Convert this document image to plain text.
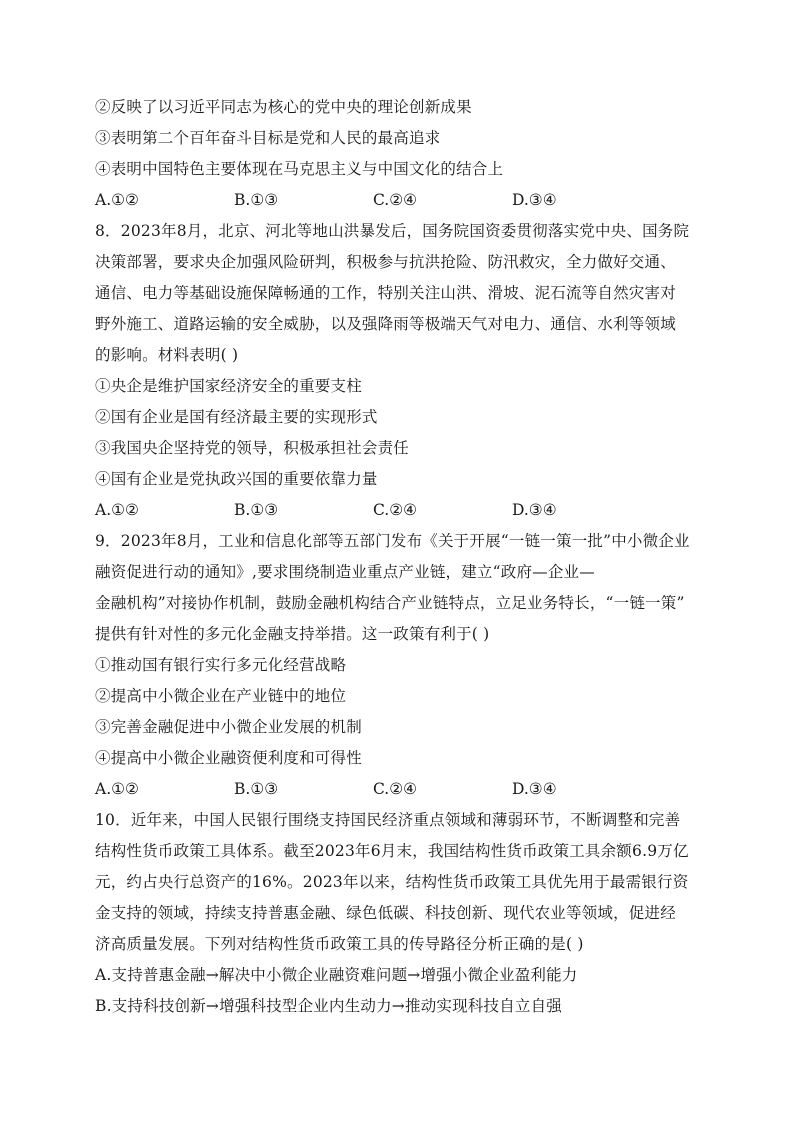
②反映了以习近平同志为核心的党中央的理论创新成果
③表明第二个百年奋斗目标是党和人民的最高追求
④表明中国特色主要体现在马克思主义与中国文化的结合上
A.①②	B.①③	C.②④	D.③④
8．2023年8月，北京、河北等地山洪暴发后，国务院国资委贯彻落实党中央、国务院
决策部署，要求央企加强风险研判，积极参与抗洪抢险、防汛救灾，全力做好交通、
通信、电力等基础设施保障畅通的工作，特别关注山洪、滑坡、泥石流等自然灾害对
野外施工、道路运输的安全威胁，以及强降雨等极端天气对电力、通信、水利等领域
的影响。材料表明( )
①央企是维护国家经济安全的重要支柱
②国有企业是国有经济最主要的实现形式
③我国央企坚持党的领导，积极承担社会责任
④国有企业是党执政兴国的重要依靠力量
A.①②	B.①③	C.②④	D.③④
9．2023年8月，工业和信息化部等五部门发布《关于开展“一链一策一批”中小微企业
融资促进行动的通知》,要求围绕制造业重点产业链，建立“政府—企业—
金融机构”对接协作机制，鼓励金融机构结合产业链特点，立足业务特长，“一链一策”
提供有针对性的多元化金融支持举措。这一政策有利于( )
①推动国有银行实行多元化经营战略
②提高中小微企业在产业链中的地位
③完善金融促进中小微企业发展的机制
④提高中小微企业融资便利度和可得性
A.①②	B.①③	C.②④	D.③④
10．近年来，中国人民银行围绕支持国民经济重点领域和薄弱环节，不断调整和完善
结构性货币政策工具体系。截至2023年6月末，我国结构性货币政策工具余额6.9万亿
元，约占央行总资产的16%。2023年以来，结构性货币政策工具优先用于最需银行资
金支持的领域，持续支持普惠金融、绿色低碳、科技创新、现代农业等领域，促进经
济高质量发展。下列对结构性货币政策工具的传导路径分析正确的是( )
A.支持普惠金融→解决中小微企业融资难问题→增强小微企业盈利能力
B.支持科技创新→增强科技型企业内生动力→推动实现科技自立自强
